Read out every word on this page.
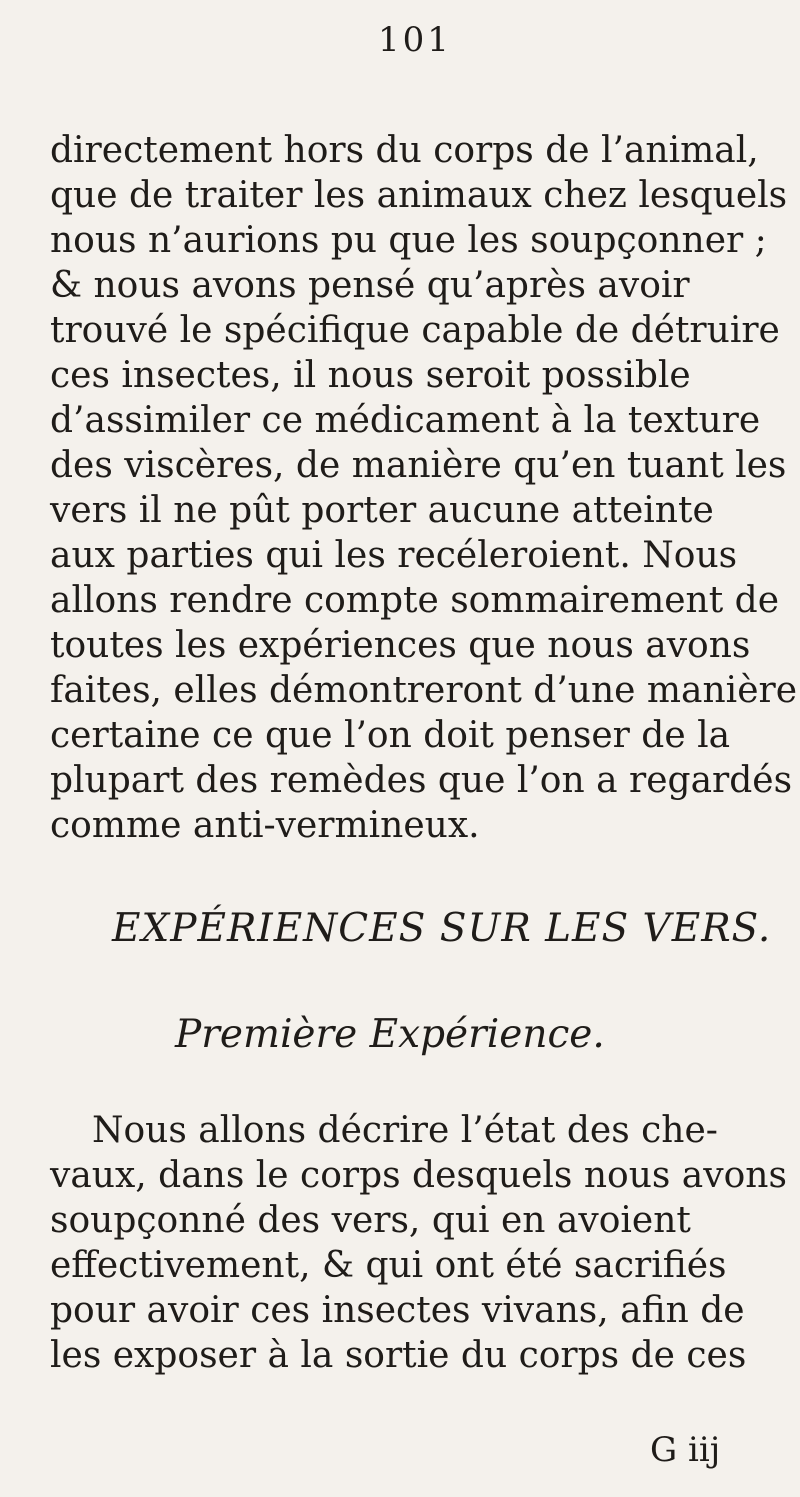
101
directement hors du corps de l’animal,
que de traiter les animaux chez lesquels
nous n’aurions pu que les soupçonner ;
& nous avons pensé qu’après avoir
trouvé le spécifique capable de détruire
ces insectes, il nous seroit possible
d’assimiler ce médicament à la texture
des viscères, de manière qu’en tuant les
vers il ne pût porter aucune atteinte
aux parties qui les recéleroient. Nous
allons rendre compte sommairement de
toutes les expériences que nous avons
faites, elles démontreront d’une manière
certaine ce que l’on doit penser de la
plupart des remèdes que l’on a regardés
comme anti-vermineux.
EXPÉRIENCES SUR LES VERS.
Première Expérience.
Nous allons décrire l’état des che-
vaux, dans le corps desquels nous avons
soupçonné des vers, qui en avoient
effectivement, & qui ont été sacrifiés
pour avoir ces insectes vivans, afin de
les exposer à la sortie du corps de ces
G iij
